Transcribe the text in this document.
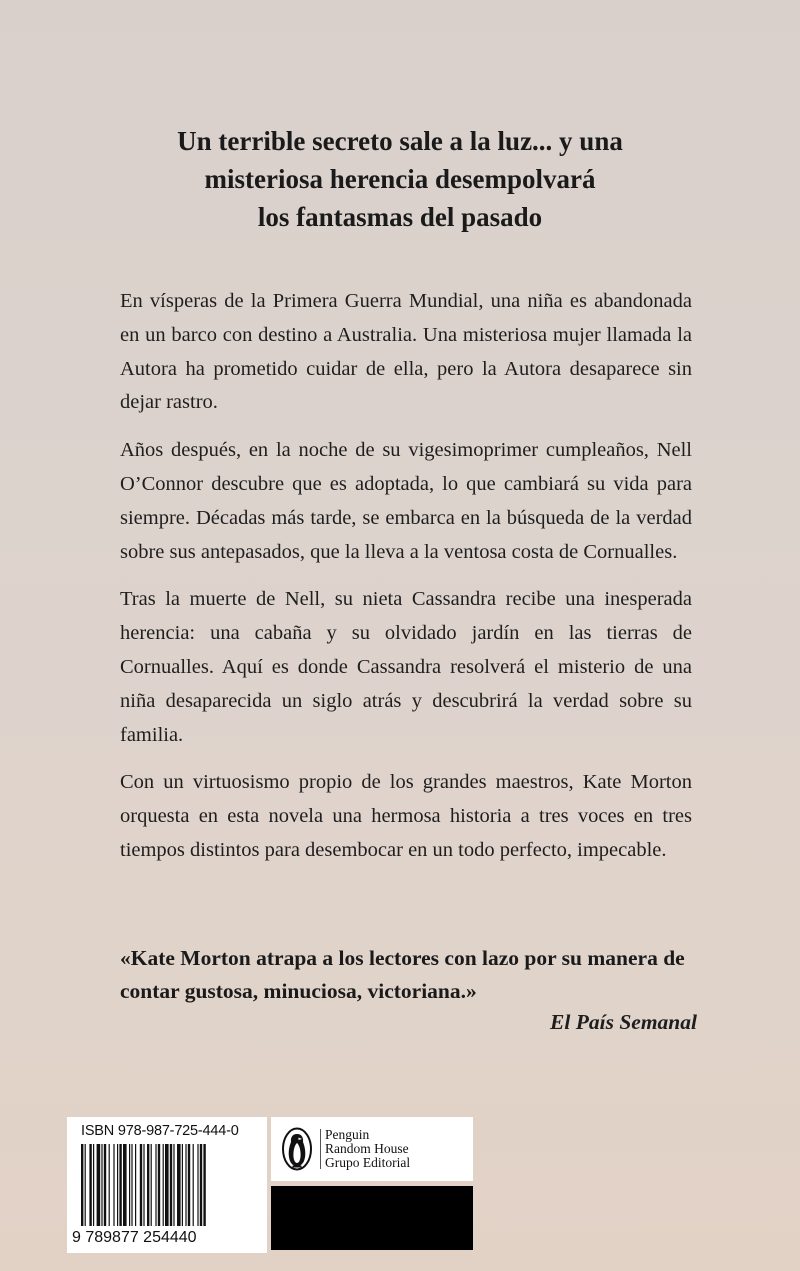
Un terrible secreto sale a la luz... y una
misteriosa herencia desempolvará
los fantasmas del pasado

En vísperas de la Primera Guerra Mundial, una niña es abandonada en un barco con destino a Australia. Una misteriosa mujer llamada la Autora ha prometido cuidar de ella, pero la Autora desaparece sin dejar rastro.

Años después, en la noche de su vigesimoprimer cumpleaños, Nell O’Connor descubre que es adoptada, lo que cambiará su vida para siempre. Décadas más tarde, se embarca en la búsqueda de la verdad sobre sus antepasados, que la lleva a la ventosa costa de Cornualles.

Tras la muerte de Nell, su nieta Cassandra recibe una inesperada herencia: una cabaña y su olvidado jardín en las tierras de Cornualles. Aquí es donde Cassandra resolverá el misterio de una niña desaparecida un siglo atrás y descubrirá la verdad sobre su familia.

Con un virtuosismo propio de los grandes maestros, Kate Morton orquesta en esta novela una hermosa historia a tres voces en tres tiempos distintos para desembocar en un todo perfecto, impecable.

«Kate Morton atrapa a los lectores con lazo por su manera de contar gustosa, minuciosa, victoriana.»
El País Semanal
ISBN 978-987-725-444-0
9 789877 254440
Penguin
Random House
Grupo Editorial
